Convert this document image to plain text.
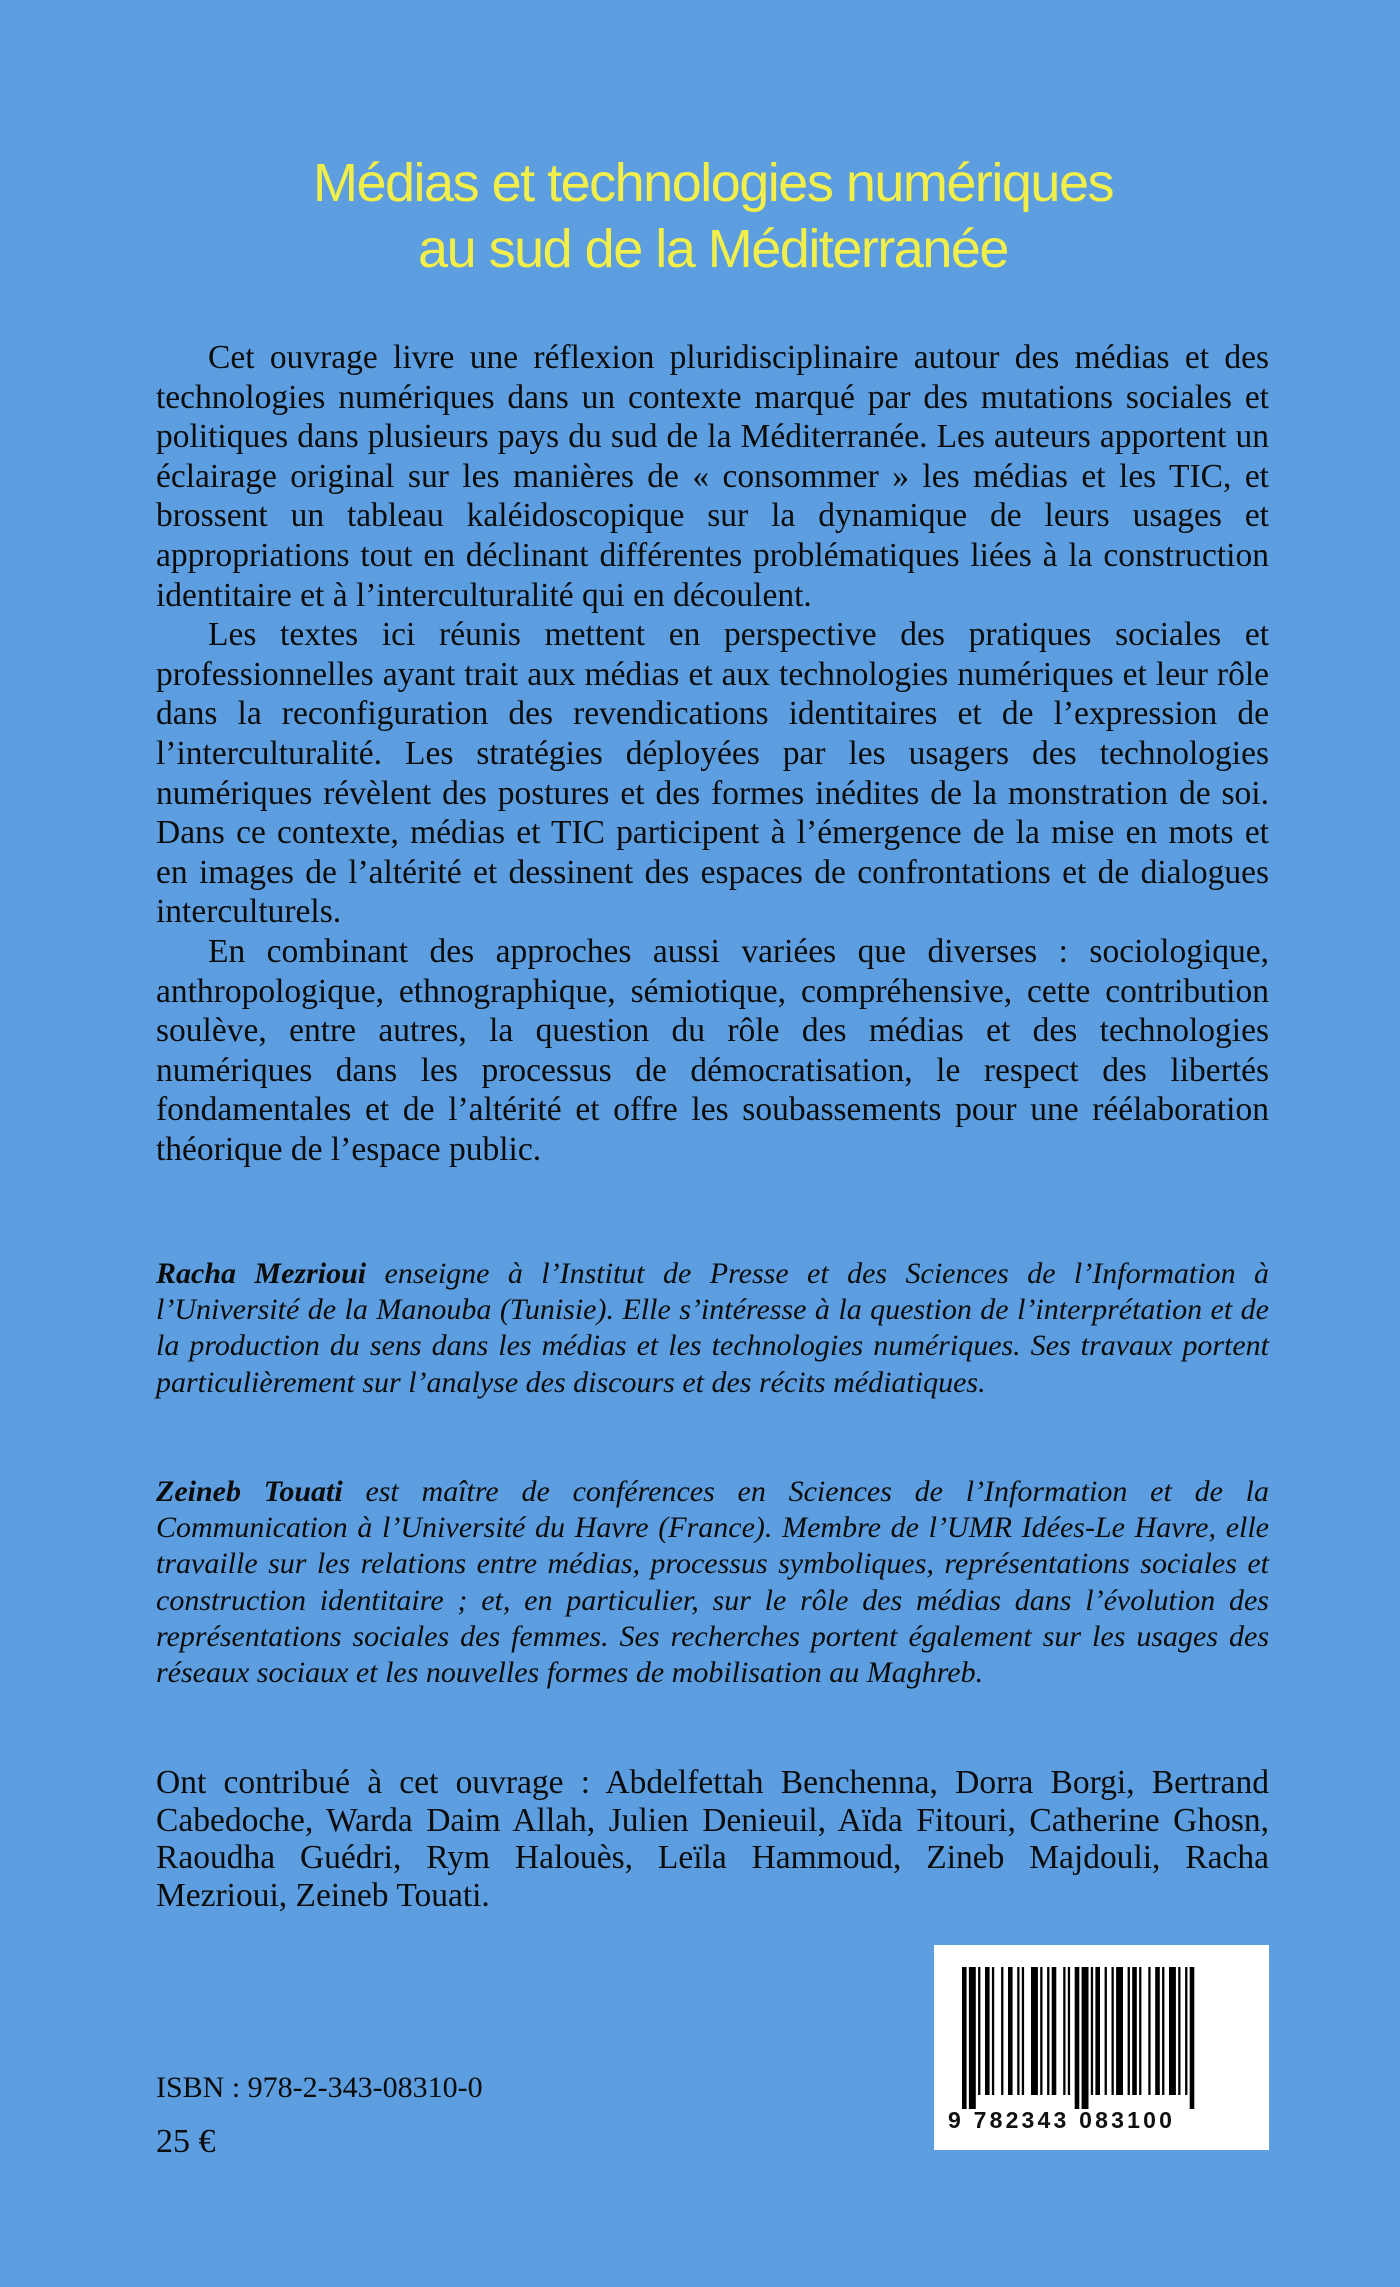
Médias et technologies numériques
au sud de la Méditerranée

Cet ouvrage livre une réflexion pluridisciplinaire autour des médias et des technologies numériques dans un contexte marqué par des mutations sociales et politiques dans plusieurs pays du sud de la Méditerranée. Les auteurs apportent un éclairage original sur les manières de « consommer » les médias et les TIC, et brossent un tableau kaléidoscopique sur la dynamique de leurs usages et appropriations tout en déclinant différentes problématiques liées à la construction identitaire et à l’interculturalité qui en découlent.

Les textes ici réunis mettent en perspective des pratiques sociales et professionnelles ayant trait aux médias et aux technologies numériques et leur rôle dans la reconfiguration des revendications identitaires et de l’expression de l’interculturalité. Les stratégies déployées par les usagers des technologies numériques révèlent des postures et des formes inédites de la monstration de soi. Dans ce contexte, médias et TIC participent à l’émergence de la mise en mots et en images de l’altérité et dessinent des espaces de confrontations et de dialogues interculturels.

En combinant des approches aussi variées que diverses : sociologique, anthropologique, ethnographique, sémiotique, compréhensive, cette contribution soulève, entre autres, la question du rôle des médias et des technologies numériques dans les processus de démocratisation, le respect des libertés fondamentales et de l’altérité et offre les soubassements pour une réélaboration théorique de l’espace public.

Racha Mezrioui enseigne à l’Institut de Presse et des Sciences de l’Information à l’Université de la Manouba (Tunisie). Elle s’intéresse à la question de l’interprétation et de la production du sens dans les médias et les technologies numériques. Ses travaux portent particulièrement sur l’analyse des discours et des récits médiatiques.

Zeineb Touati est maître de conférences en Sciences de l’Information et de la Communication à l’Université du Havre (France). Membre de l’UMR Idées-Le Havre, elle travaille sur les relations entre médias, processus symboliques, représentations sociales et construction identitaire ; et, en particulier, sur le rôle des médias dans l’évolution des représentations sociales des femmes. Ses recherches portent également sur les usages des réseaux sociaux et les nouvelles formes de mobilisation au Maghreb.

Ont contribué à cet ouvrage : Abdelfettah Benchenna, Dorra Borgi, Bertrand Cabedoche, Warda Daim Allah, Julien Denieuil, Aïda Fitouri, Catherine Ghosn, Raoudha Guédri, Rym Halouès, Leïla Hammoud, Zineb Majdouli, Racha Mezrioui, Zeineb Touati.

ISBN : 978-2-343-08310-0
25 €
9 782343 083100
